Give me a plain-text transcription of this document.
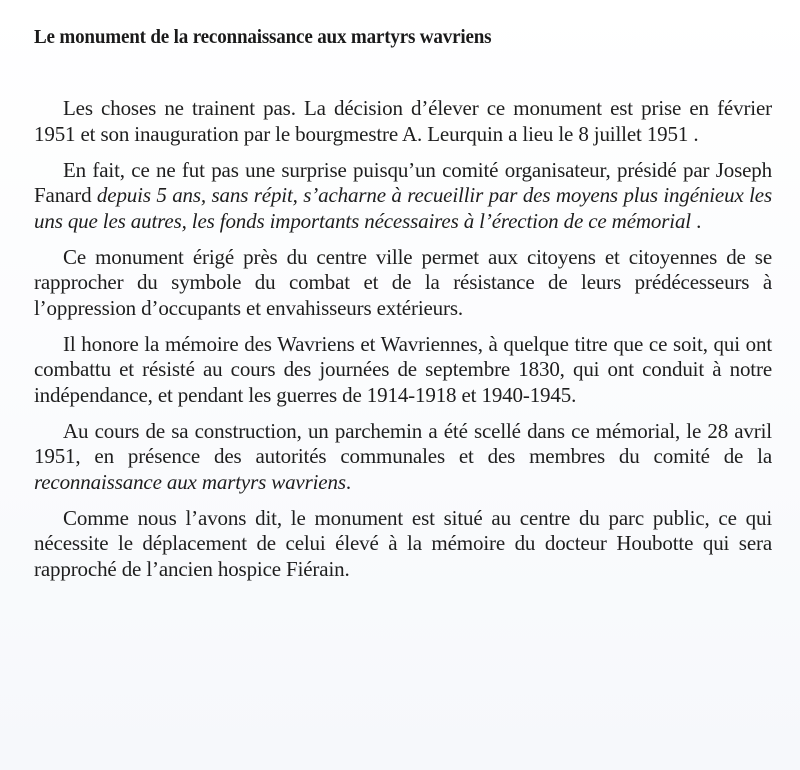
Le monument de la reconnaissance aux martyrs wavriens

Les choses ne trainent pas. La décision d’élever ce monument est prise en février 1951 et son inauguration par le bourgmestre A. Leurquin a lieu le 8 juillet 1951 .

En fait, ce ne fut pas une surprise puisqu’un comité organisateur, présidé par Joseph Fanard depuis 5 ans, sans répit, s’acharne à recueillir par des moyens plus ingénieux les uns que les autres, les fonds importants nécessaires à l’érection de ce mémorial .

Ce monument érigé près du centre ville permet aux citoyens et citoyennes de se rapprocher du symbole du combat et de la résistance de leurs prédécesseurs à l’oppression d’occupants et envahisseurs extérieurs.

Il honore la mémoire des Wavriens et Wavriennes, à quelque titre que ce soit, qui ont combattu et résisté au cours des journées de septembre 1830, qui ont conduit à notre indépendance, et pendant les guerres de 1914-1918 et 1940-1945.

Au cours de sa construction, un parchemin a été scellé dans ce mémorial, le 28 avril 1951, en présence des autorités communales et des membres du comité de la reconnaissance aux martyrs wavriens.

Comme nous l’avons dit, le monument est situé au centre du parc public, ce qui nécessite le déplacement de celui élevé à la mémoire du docteur Houbotte qui sera rapproché de l’ancien hospice Fiérain.
